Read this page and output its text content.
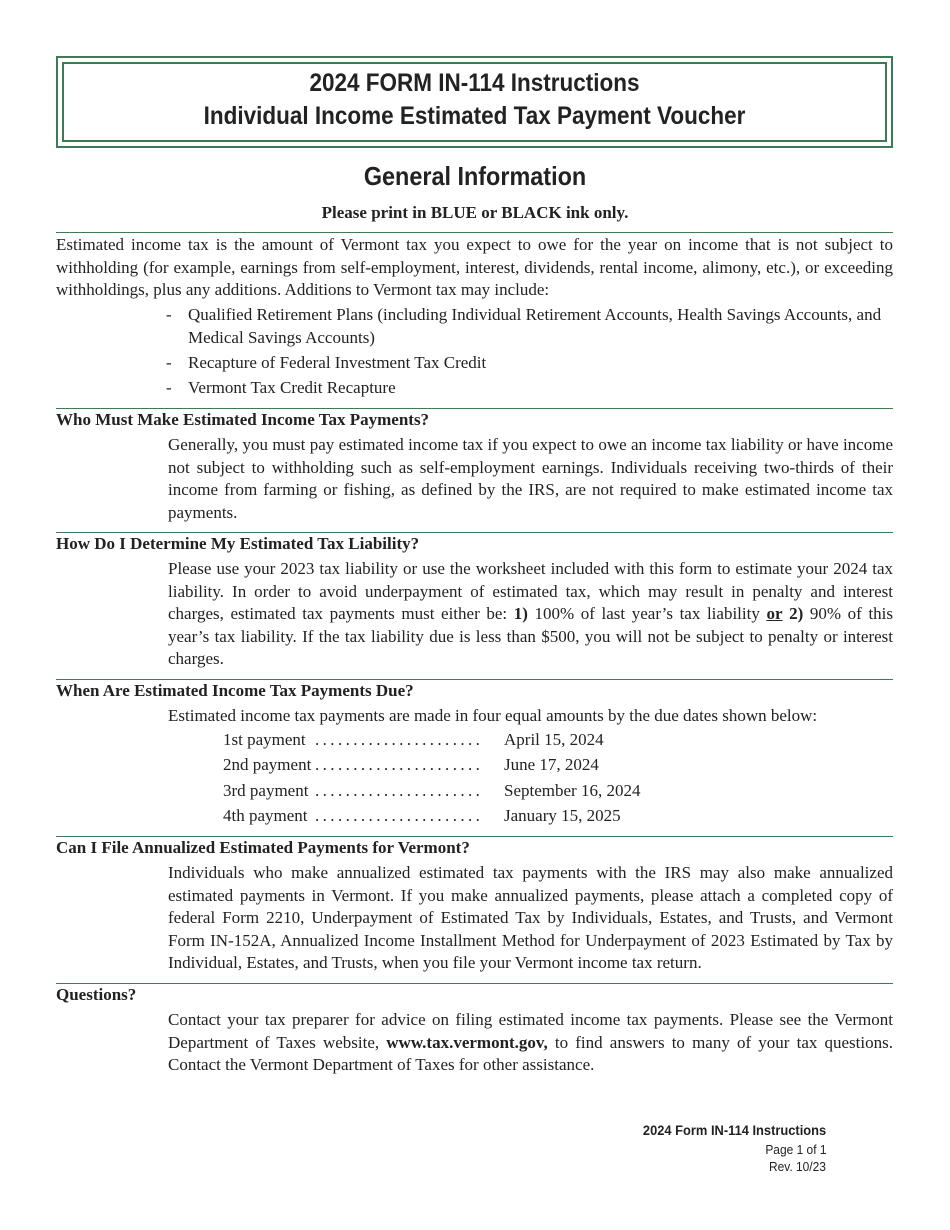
2024 FORM IN-114 Instructions
Individual Income Estimated Tax Payment Voucher
General Information
Please print in BLUE or BLACK ink only.
Estimated income tax is the amount of Vermont tax you expect to owe for the year on income that is not subject to withholding (for example, earnings from self-employment, interest, dividends, rental income, alimony, etc.), or exceeding withholdings, plus any additions. Additions to Vermont tax may include:
- Qualified Retirement Plans (including Individual Retirement Accounts, Health Savings Accounts, and Medical Savings Accounts)
- Recapture of Federal Investment Tax Credit
- Vermont Tax Credit Recapture
Who Must Make Estimated Income Tax Payments?
Generally, you must pay estimated income tax if you expect to owe an income tax liability or have income not subject to withholding such as self-employment earnings. Individuals receiving two-thirds of their income from farming or fishing, as defined by the IRS, are not required to make estimated income tax payments.
How Do I Determine My Estimated Tax Liability?
Please use your 2023 tax liability or use the worksheet included with this form to estimate your 2024 tax liability. In order to avoid underpayment of estimated tax, which may result in penalty and interest charges, estimated tax payments must either be: 1) 100% of last year’s tax liability or 2) 90% of this year’s tax liability. If the tax liability due is less than $500, you will not be subject to penalty or interest charges.
When Are Estimated Income Tax Payments Due?
Estimated income tax payments are made in four equal amounts by the due dates shown below:
1st payment ...................... April 15, 2024
2nd payment ...................... June 17, 2024
3rd payment ...................... September 16, 2024
4th payment ...................... January 15, 2025
Can I File Annualized Estimated Payments for Vermont?
Individuals who make annualized estimated tax payments with the IRS may also make annualized estimated payments in Vermont. If you make annualized payments, please attach a completed copy of federal Form 2210, Underpayment of Estimated Tax by Individuals, Estates, and Trusts, and Vermont Form IN-152A, Annualized Income Installment Method for Underpayment of 2023 Estimated by Tax by Individual, Estates, and Trusts, when you file your Vermont income tax return.
Questions?
Contact your tax preparer for advice on filing estimated income tax payments. Please see the Vermont Department of Taxes website, www.tax.vermont.gov, to find answers to many of your tax questions. Contact the Vermont Department of Taxes for other assistance.
2024 Form IN-114 Instructions
Page 1 of 1
Rev. 10/23
